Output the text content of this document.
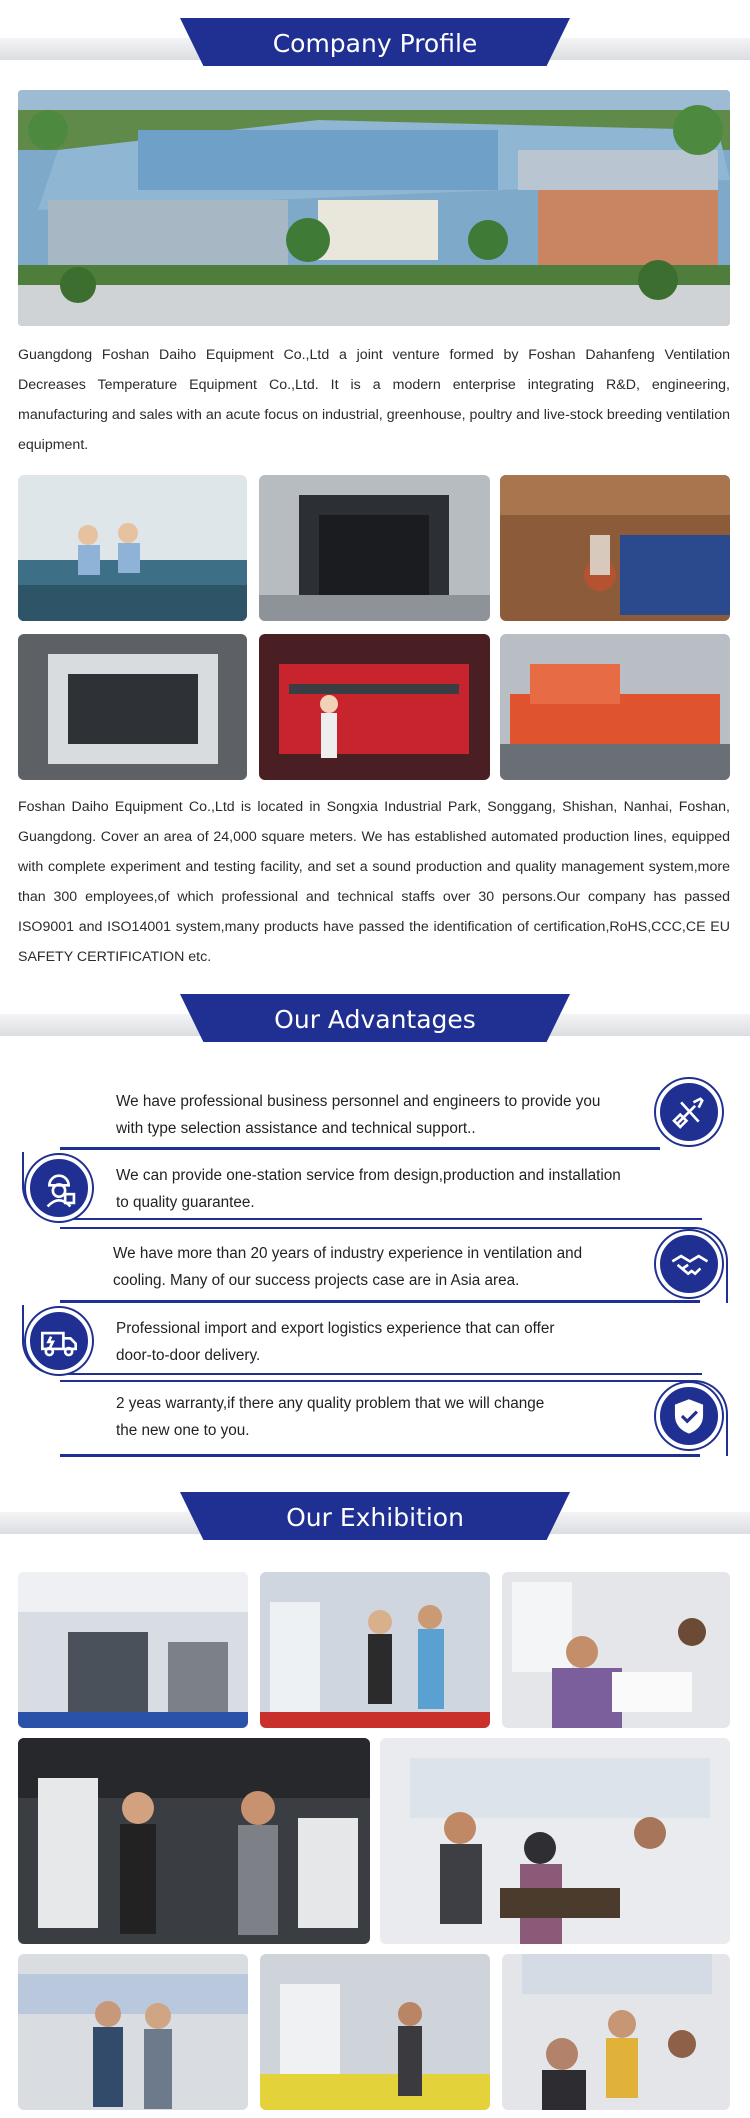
Company Profile

Guangdong Foshan Daiho Equipment Co.,Ltd a joint venture formed by Foshan Dahanfeng Ventilation Decreases Temperature Equipment Co.,Ltd. It is a modern enterprise integrating R&D, engineering, manufacturing and sales with an acute focus on industrial, greenhouse, poultry and live-stock breeding ventilation equipment.

Foshan Daiho Equipment Co.,Ltd is located in Songxia Industrial Park, Songgang, Shishan, Nanhai, Foshan, Guangdong. Cover an area of 24,000 square meters. We has established automated production lines, equipped with complete experiment and testing facility, and set a sound production and quality management system,more than 300 employees,of which professional and technical staffs over 30 persons.Our company has passed ISO9001 and ISO14001 system,many products have passed the identification of certification,RoHS,CCC,CE EU SAFETY CERTIFICATION etc.

Our Advantages
We have professional business personnel and engineers to provide you
with type selection assistance and technical support..
We can provide one-station service from design,production and installation
to quality guarantee.
We have more than 20 years of industry experience in ventilation and
cooling. Many of our success projects case are in Asia area.
Professional import and export logistics experience that can offer
door-to-door delivery.
2 yeas warranty,if there any quality problem that we will change
the new one to you.
Our Exhibition
